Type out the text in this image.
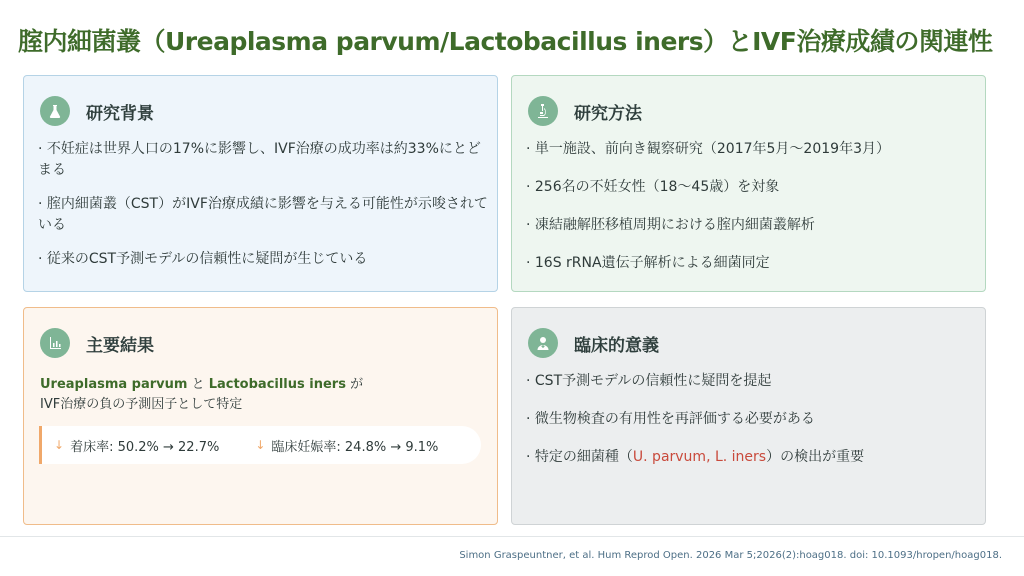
腟内細菌叢（Ureaplasma parvum/Lactobacillus iners）とIVF治療成績の関連性
研究背景
· 不妊症は世界人口の17%に影響し、IVF治療の成功率は約33%にとどまる
· 腟内細菌叢（CST）がIVF治療成績に影響を与える可能性が示唆されている
· 従来のCST予測モデルの信頼性に疑問が生じている
研究方法
· 単一施設、前向き観察研究（2017年5月～2019年3月）
· 256名の不妊女性（18～45歳）を対象
· 凍結融解胚移植周期における腟内細菌叢解析
· 16S rRNA遺伝子解析による細菌同定
主要結果

Ureaplasma parvum と Lactobacillus iners が
IVF治療の負の予測因子として特定

↓ 着床率: 50.2% → 22.7%	↓ 臨床妊娠率: 24.8% → 9.1%
臨床的意義
· CST予測モデルの信頼性に疑問を提起
· 微生物検査の有用性を再評価する必要がある
· 特定の細菌種（U. parvum, L. iners）の検出が重要

Simon Graspeuntner, et al. Hum Reprod Open. 2026 Mar 5;2026(2):hoag018. doi: 10.1093/hropen/hoag018.
